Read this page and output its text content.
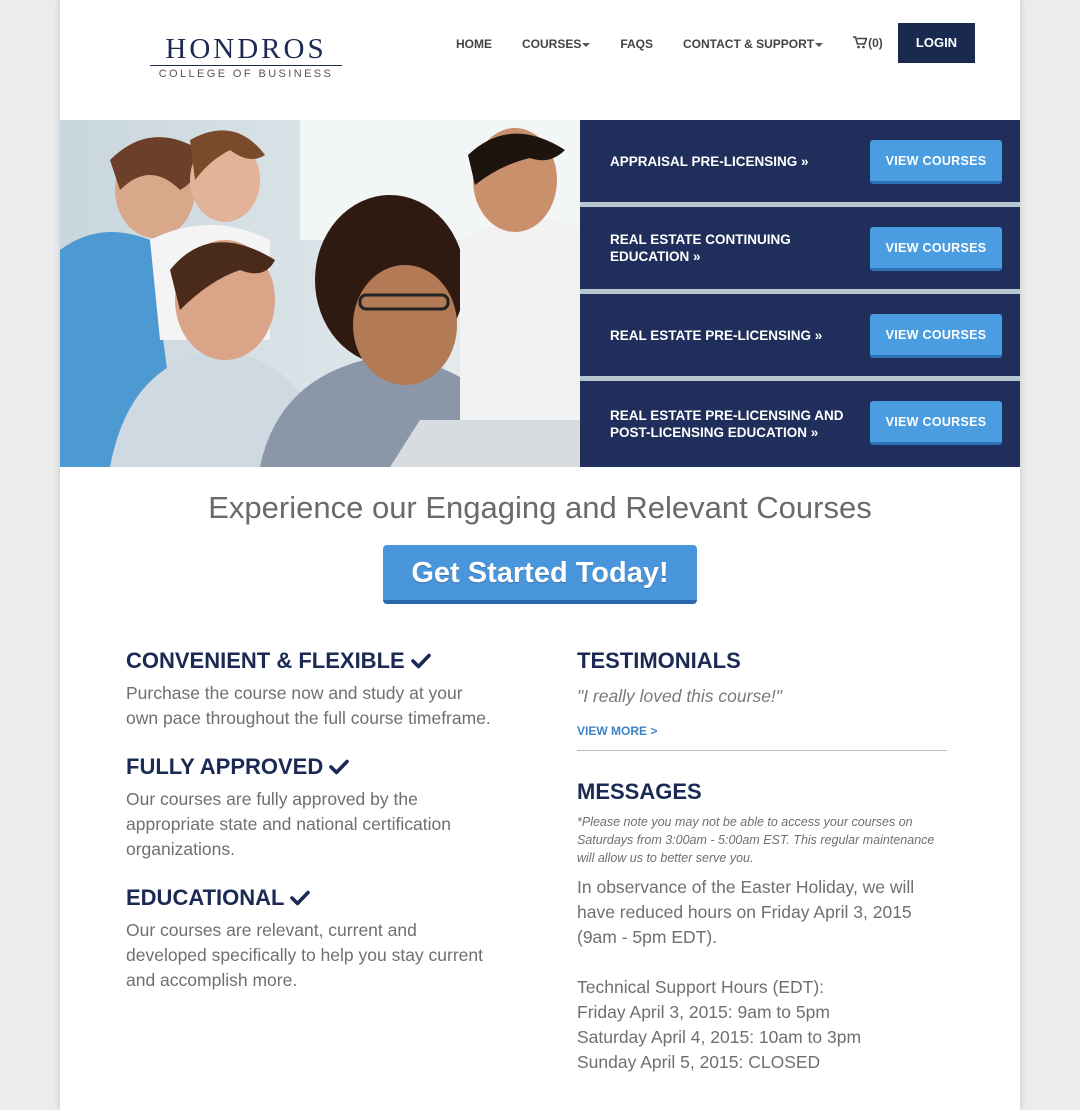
HONDROS
COLLEGE OF BUSINESS
HOME	COURSES	FAQS	CONTACT & SUPPORT	(0)	LOGIN
APPRAISAL PRE-LICENSING »	VIEW COURSES
REAL ESTATE CONTINUING EDUCATION »
VIEW COURSES
REAL ESTATE PRE-LICENSING »	VIEW COURSES
REAL ESTATE PRE-LICENSING AND POST-LICENSING EDUCATION »
VIEW COURSES
Experience our Engaging and Relevant Courses
Get Started Today!
CONVENIENT & FLEXIBLE
Purchase the course now and study at your own pace throughout the full course timeframe.
FULLY APPROVED
Our courses are fully approved by the appropriate state and national certification organizations.
EDUCATIONAL
Our courses are relevant, current and developed specifically to help you stay current and accomplish more.
TESTIMONIALS
"I really loved this course!"
VIEW MORE >
MESSAGES
*Please note you may not be able to access your courses on Saturdays from 3:00am - 5:00am EST. This regular maintenance will allow us to better serve you.
In observance of the Easter Holiday, we will have reduced hours on Friday April 3, 2015 (9am - 5pm EDT).
Technical Support Hours (EDT):
Friday April 3, 2015: 9am to 5pm
Saturday April 4, 2015: 10am to 3pm
Sunday April 5, 2015: CLOSED
